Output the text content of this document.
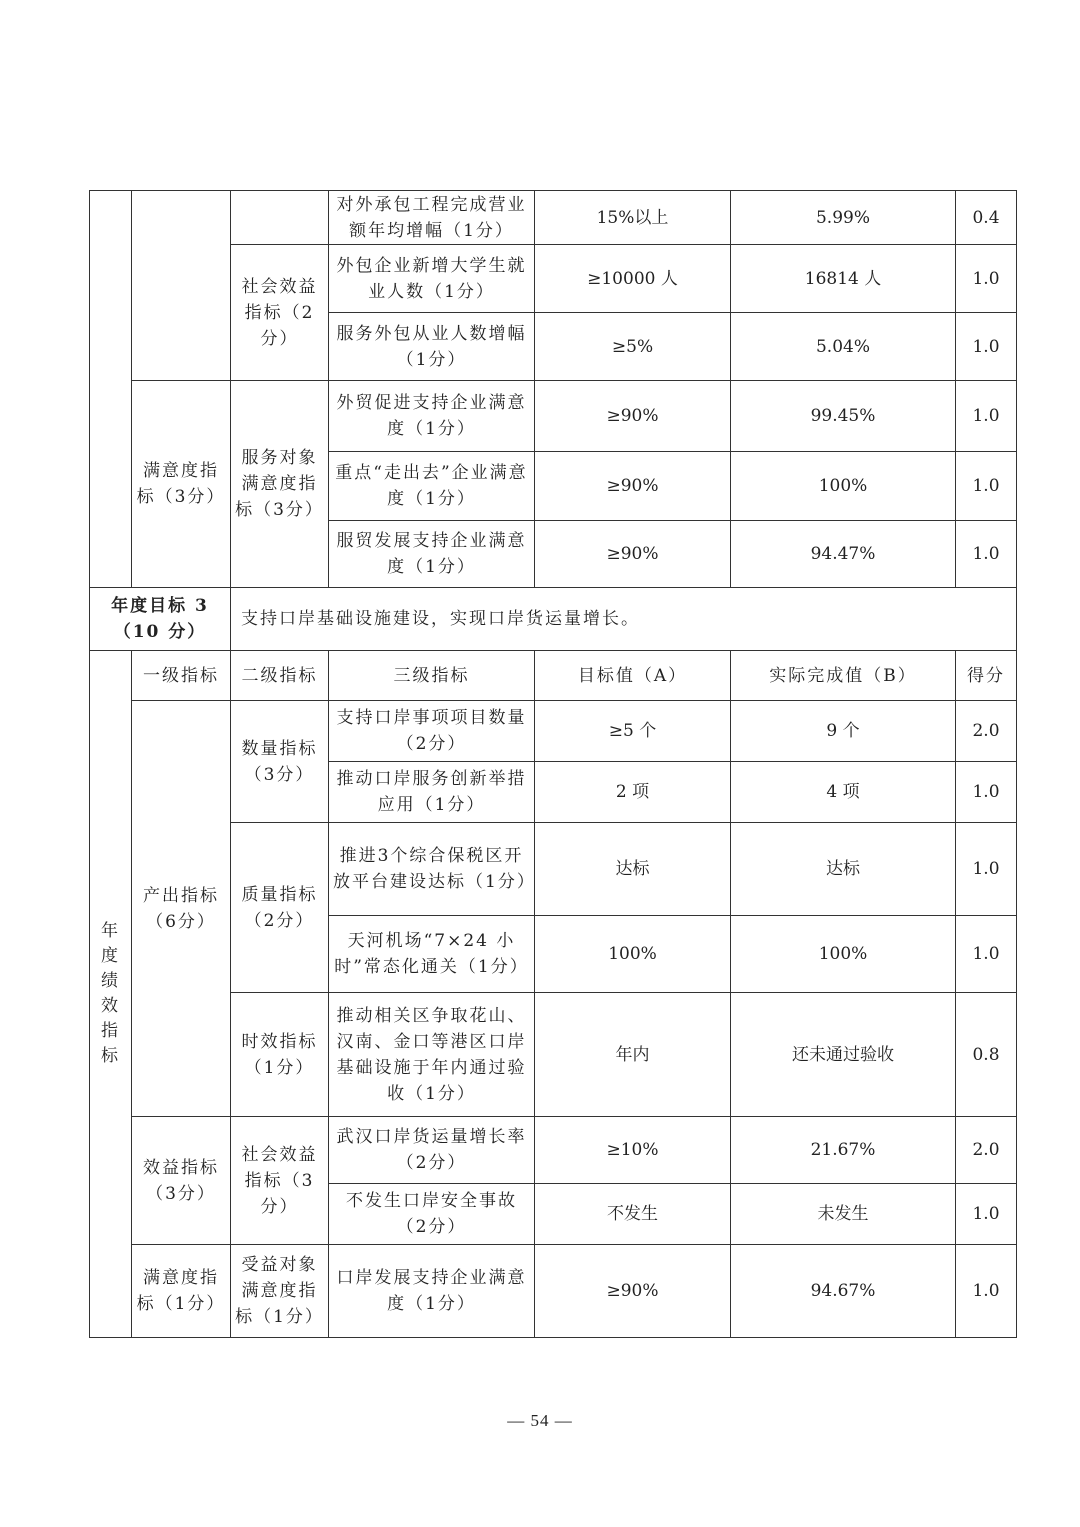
			对外承包工程完成营业额年均增幅（1分）	15%以上	5.99%	0.4
		社会效益指标（2分）	外包企业新增大学生就业人数（1分）	≥10000 人	16814 人	1.0
			服务外包从业人数增幅（1分）	≥5%	5.04%	1.0
	满意度指标（3分）	服务对象满意度指标（3分）	外贸促进支持企业满意度（1分）	≥90%	99.45%	1.0
			重点“走出去”企业满意度（1分）	≥90%	100%	1.0
			服贸发展支持企业满意度（1分）	≥90%	94.47%	1.0

年度目标 3
（10 分）		支持口岸基础设施建设，实现口岸货运量增长。				
年度绩效指标	一级指标	二级指标	三级指标	目标值（A）	实际完成值（B）	得分
	产出指标（6分）	数量指标（3分）	支持口岸事项项目数量（2分）	≥5 个	9 个	2.0
			推动口岸服务创新举措应用（1分）	2 项	4 项	1.0
		质量指标（2分）	推进3个综合保税区开放平台建设达标（1分）	达标	达标	1.0
			天河机场“7×24 小时”常态化通关（1分）	100%	100%	1.0
		时效指标（1分）	推动相关区争取花山、汉南、金口等港区口岸基础设施于年内通过验收（1分）	年内	还未通过验收	0.8
	效益指标（3分）	社会效益指标（3分）	武汉口岸货运量增长率（2分）	≥10%	21.67%	2.0
			不发生口岸安全事故（2分）	不发生	未发生	1.0
	满意度指标（1分）	受益对象满意度指标（1分）	口岸发展支持企业满意度（1分）	≥90%	94.67%	1.0
— 54 —
